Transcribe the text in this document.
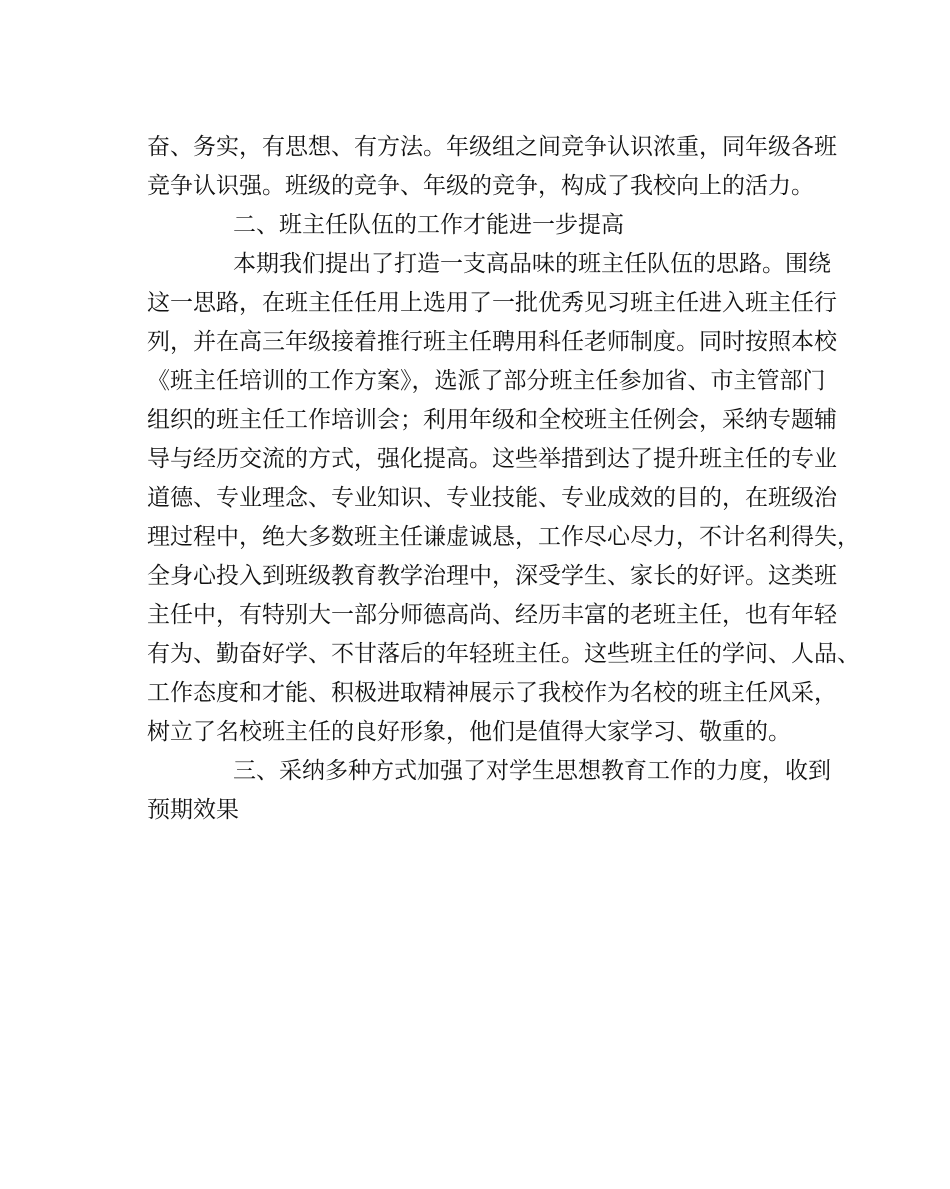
奋、务实，有思想、有方法。年级组之间竞争认识浓重，同年级各班
竞争认识强。班级的竞争、年级的竞争，构成了我校向上的活力。
二、班主任队伍的工作才能进一步提高
本期我们提出了打造一支高品味的班主任队伍的思路。围绕
这一思路，在班主任任用上选用了一批优秀见习班主任进入班主任行
列，并在高三年级接着推行班主任聘用科任老师制度。同时按照本校
《班主任培训的工作方案》，选派了部分班主任参加省、市主管部门
组织的班主任工作培训会；利用年级和全校班主任例会，采纳专题辅
导与经历交流的方式，强化提高。这些举措到达了提升班主任的专业
道德、专业理念、专业知识、专业技能、专业成效的目的，在班级治
理过程中，绝大多数班主任谦虚诚恳，工作尽心尽力，不计名利得失，
全身心投入到班级教育教学治理中，深受学生、家长的好评。这类班
主任中，有特别大一部分师德高尚、经历丰富的老班主任，也有年轻
有为、勤奋好学、不甘落后的年轻班主任。这些班主任的学问、人品、
工作态度和才能、积极进取精神展示了我校作为名校的班主任风采，
树立了名校班主任的良好形象，他们是值得大家学习、敬重的。
三、采纳多种方式加强了对学生思想教育工作的力度，收到
预期效果
